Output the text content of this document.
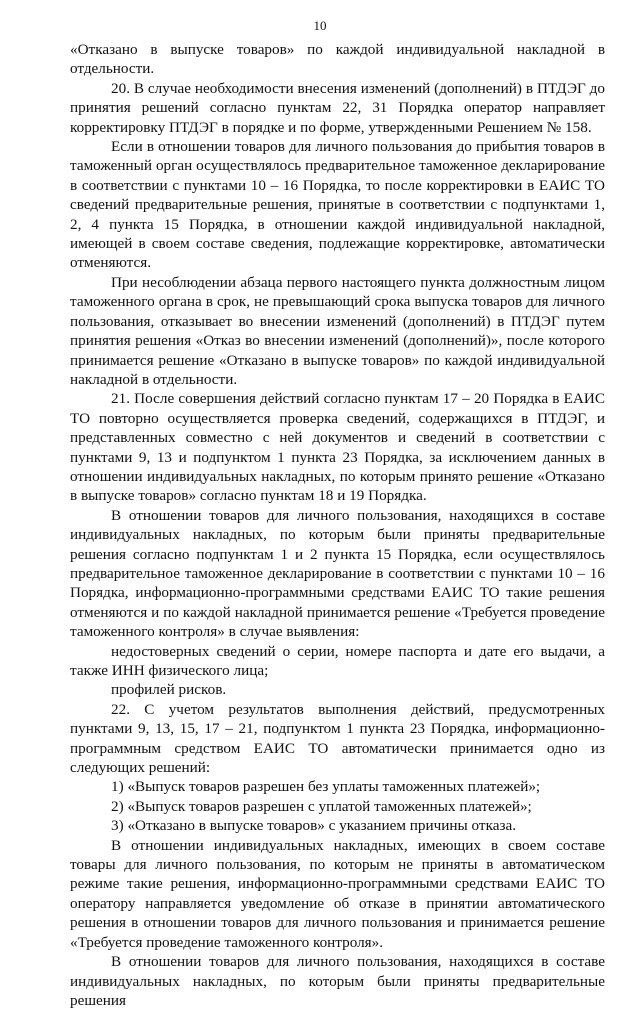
10

«Отказано в выпуске товаров» по каждой индивидуальной накладной в отдельности.

20. В случае необходимости внесения изменений (дополнений) в ПТДЭГ до принятия решений согласно пунктам 22, 31 Порядка оператор направляет корректировку ПТДЭГ в порядке и по форме, утвержденными Решением № 158.

Если в отношении товаров для личного пользования до прибытия товаров в таможенный орган осуществлялось предварительное таможенное декларирование в соответствии с пунктами 10 – 16 Порядка, то после корректировки в ЕАИС ТО сведений предварительные решения, принятые в соответствии с подпунктами 1, 2, 4 пункта 15 Порядка, в отношении каждой индивидуальной накладной, имеющей в своем составе сведения, подлежащие корректировке, автоматически отменяются.

При несоблюдении абзаца первого настоящего пункта должностным лицом таможенного органа в срок, не превышающий срока выпуска товаров для личного пользования, отказывает во внесении изменений (дополнений) в ПТДЭГ путем принятия решения «Отказ во внесении изменений (дополнений)», после которого принимается решение «Отказано в выпуске товаров» по каждой индивидуальной накладной в отдельности.

21. После совершения действий согласно пунктам 17 – 20 Порядка в ЕАИС ТО повторно осуществляется проверка сведений, содержащихся в ПТДЭГ, и представленных совместно с ней документов и сведений в соответствии с пунктами 9, 13 и подпунктом 1 пункта 23 Порядка, за исключением данных в отношении индивидуальных накладных, по которым принято решение «Отказано в выпуске товаров» согласно пунктам 18 и 19 Порядка.

В отношении товаров для личного пользования, находящихся в составе индивидуальных накладных, по которым были приняты предварительные решения согласно подпунктам 1 и 2 пункта 15 Порядка, если осуществлялось предварительное таможенное декларирование в соответствии с пунктами 10 – 16 Порядка, информационно-программными средствами ЕАИС ТО такие решения отменяются и по каждой накладной принимается решение «Требуется проведение таможенного контроля» в случае выявления:

недостоверных сведений о серии, номере паспорта и дате его выдачи, а также ИНН физического лица;

профилей рисков.

22. С учетом результатов выполнения действий, предусмотренных пунктами 9, 13, 15, 17 – 21, подпунктом 1 пункта 23 Порядка, информационно-программным средством ЕАИС ТО автоматически принимается одно из следующих решений:

1) «Выпуск товаров разрешен без уплаты таможенных платежей»;

2) «Выпуск товаров разрешен с уплатой таможенных платежей»;

3) «Отказано в выпуске товаров» с указанием причины отказа.

В отношении индивидуальных накладных, имеющих в своем составе товары для личного пользования, по которым не приняты в автоматическом режиме такие решения, информационно-программными средствами ЕАИС ТО оператору направляется уведомление об отказе в принятии автоматического решения в отношении товаров для личного пользования и принимается решение «Требуется проведение таможенного контроля».

В отношении товаров для личного пользования, находящихся в составе индивидуальных накладных, по которым были приняты предварительные решения
